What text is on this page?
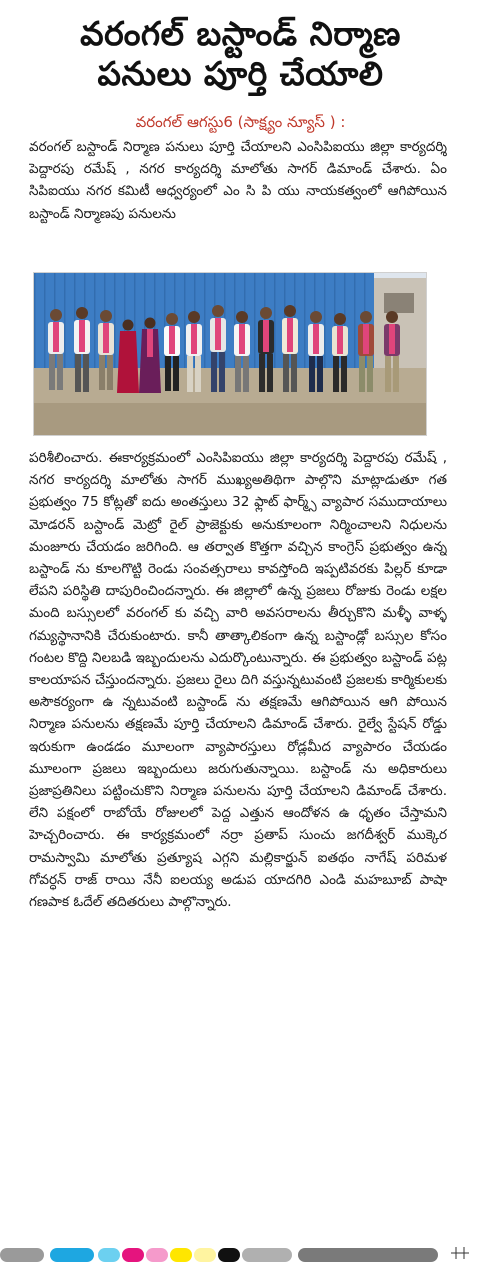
వరంగల్ బస్టాండ్ నిర్మాణ
పనులు పూర్తి చేయాలి
వరంగల్ ఆగస్టు6 (సాక్ష్యం న్యూస్ ) :
వరంగల్ బస్టాండ్ నిర్మాణ పనులు పూర్తి చేయాలని ఎంసిపిఐయు జిల్లా కార్యదర్శి పెద్దారపు రమేష్ , నగర కార్యదర్శి మాలోతు సాగర్ డిమాండ్ చేశారు. ఏం సిపిఐయు నగర కమిటీ ఆధ్వర్యంలో ఎం సి పి యు నాయకత్వంలో ఆగిపోయిన బస్టాండ్ నిర్మాణపు పనులను
పరిశీలించారు. ఈకార్యక్రమంలో ఎంసిపిఐయు జిల్లా కార్యదర్శి పెద్దారపు రమేష్ , నగర కార్యదర్శి మాలోతు సాగర్ ముఖ్యఅతిథిగా పాల్గొని మాట్లాడుతూ గత ప్రభుత్వం 75 కోట్లతో ఐదు అంతస్తులు 32 ఫ్లాట్ ఫార్మ్స్ వ్యాపార సముదాయాలు మోడరన్ బస్టాండ్ మెట్రో రైల్ ప్రాజెక్టుకు అనుకూలంగా నిర్మించాలని నిధులను మంజూరు చేయడం జరిగింది. ఆ తర్వాత కొత్తగా వచ్చిన కాంగ్రెస్ ప్రభుత్వం ఉన్న బస్టాండ్ ను కూలగొట్టి రెండు సంవత్సరాలు కావస్తోంది ఇప్పటివరకు పిల్లర్ కూడా లేపని పరిస్థితి దాపురించిందన్నారు. ఈ జిల్లాలో ఉన్న ప్రజలు రోజుకు రెండు లక్షల మంది బస్సులలో వరంగల్ కు వచ్చి వారి అవసరాలను తీర్చుకొని మళ్ళీ వాళ్ళ గమ్యస్థానానికి చేరుకుంటారు. కానీ తాత్కాలికంగా ఉన్న బస్టాండ్లో బస్సుల కోసం గంటల కొద్ది నిలబడి ఇబ్బందులను ఎదుర్కొంటున్నారు. ఈ ప్రభుత్వం బస్టాండ్ పట్ల కాలయాపన చేస్తుందన్నారు. ప్రజలు రైలు దిగి వస్తున్నటువంటి ప్రజలకు కార్మికులకు అసౌకర్యంగా ఉ న్నటువంటి బస్టాండ్ ను తక్షణమే ఆగిపోయిన ఆగి పోయిన నిర్మాణ పనులను తక్షణమే పూర్తి చేయాలని డిమాండ్ చేశారు. రైల్వే స్టేషన్ రోడ్డు ఇరుకుగా ఉండడం మూలంగా వ్యాపారస్తులు రోడ్లమీద వ్యాపారం చేయడం మూలంగా ప్రజలు ఇబ్బందులు జరుగుతున్నాయి. బస్టాండ్ ను అధికారులు ప్రజాప్రతినిలు పట్టించుకొని నిర్మాణ పనులను పూర్తి చేయాలని డిమాండ్ చేశారు. లేని పక్షంలో రాబోయే రోజులలో పెద్ద ఎత్తున ఆందోళన ఉ ధృతం చేస్తామని హెచ్చరించారు. ఈ కార్యక్రమంలో నర్రా ప్రతాప్ సుంచు జగదీశ్వర్ ముక్కెర రామస్వామి మాలోతు ప్రత్యూష ఎగ్గని మల్లికార్జున్ ఐతథం నాగేష్ పరిమళ గోవర్ధన్ రాజ్ రాయి నేనీ ఐలయ్య అడుప యాదగిరి ఎండి మహబూబ్ పాషా గణపాక ఓదేల్ తదితరులు పాల్గొన్నారు.
